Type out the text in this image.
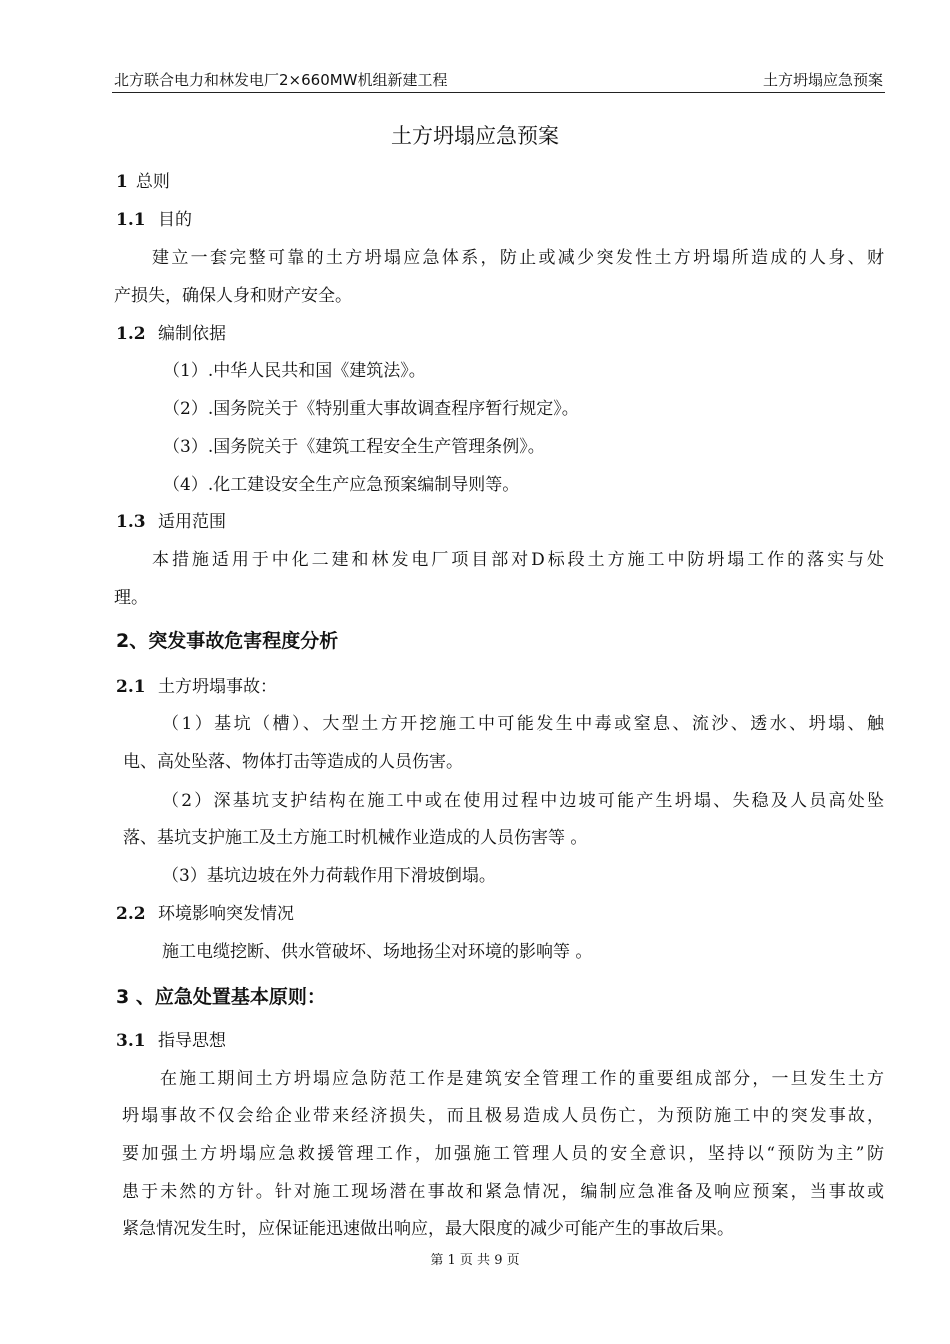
北方联合电力和林发电厂2×660MW机组新建工程	土方坍塌应急预案
土方坍塌应急预案
1 总则
1.1 目的
建立一套完整可靠的土方坍塌应急体系，防止或减少突发性土方坍塌所造成的人身、财
产损失，确保人身和财产安全。
1.2 编制依据
（1）.中华人民共和国《建筑法》。
（2）.国务院关于《特别重大事故调查程序暂行规定》。
（3）.国务院关于《建筑工程安全生产管理条例》。
（4）.化工建设安全生产应急预案编制导则等。
1.3 适用范围
本措施适用于中化二建和林发电厂项目部对D标段土方施工中防坍塌工作的落实与处
理。
2、突发事故危害程度分析
2.1 土方坍塌事故：
（1）基坑（槽）、大型土方开挖施工中可能发生中毒或窒息、流沙、透水、坍塌、触
电、高处坠落、物体打击等造成的人员伤害。
（2）深基坑支护结构在施工中或在使用过程中边坡可能产生坍塌、失稳及人员高处坠
落、基坑支护施工及土方施工时机械作业造成的人员伤害等 。
（3）基坑边坡在外力荷载作用下滑坡倒塌。
2.2 环境影响突发情况
施工电缆挖断、供水管破坏、场地扬尘对环境的影响等 。
3 、应急处置基本原则：
3.1 指导思想
在施工期间土方坍塌应急防范工作是建筑安全管理工作的重要组成部分，一旦发生土方
坍塌事故不仅会给企业带来经济损失，而且极易造成人员伤亡，为预防施工中的突发事故，
要加强土方坍塌应急救援管理工作，加强施工管理人员的安全意识，坚持以“预防为主”防
患于未然的方针。针对施工现场潜在事故和紧急情况，编制应急准备及响应预案，当事故或
紧急情况发生时，应保证能迅速做出响应，最大限度的减少可能产生的事故后果。
第 1 页 共 9 页
